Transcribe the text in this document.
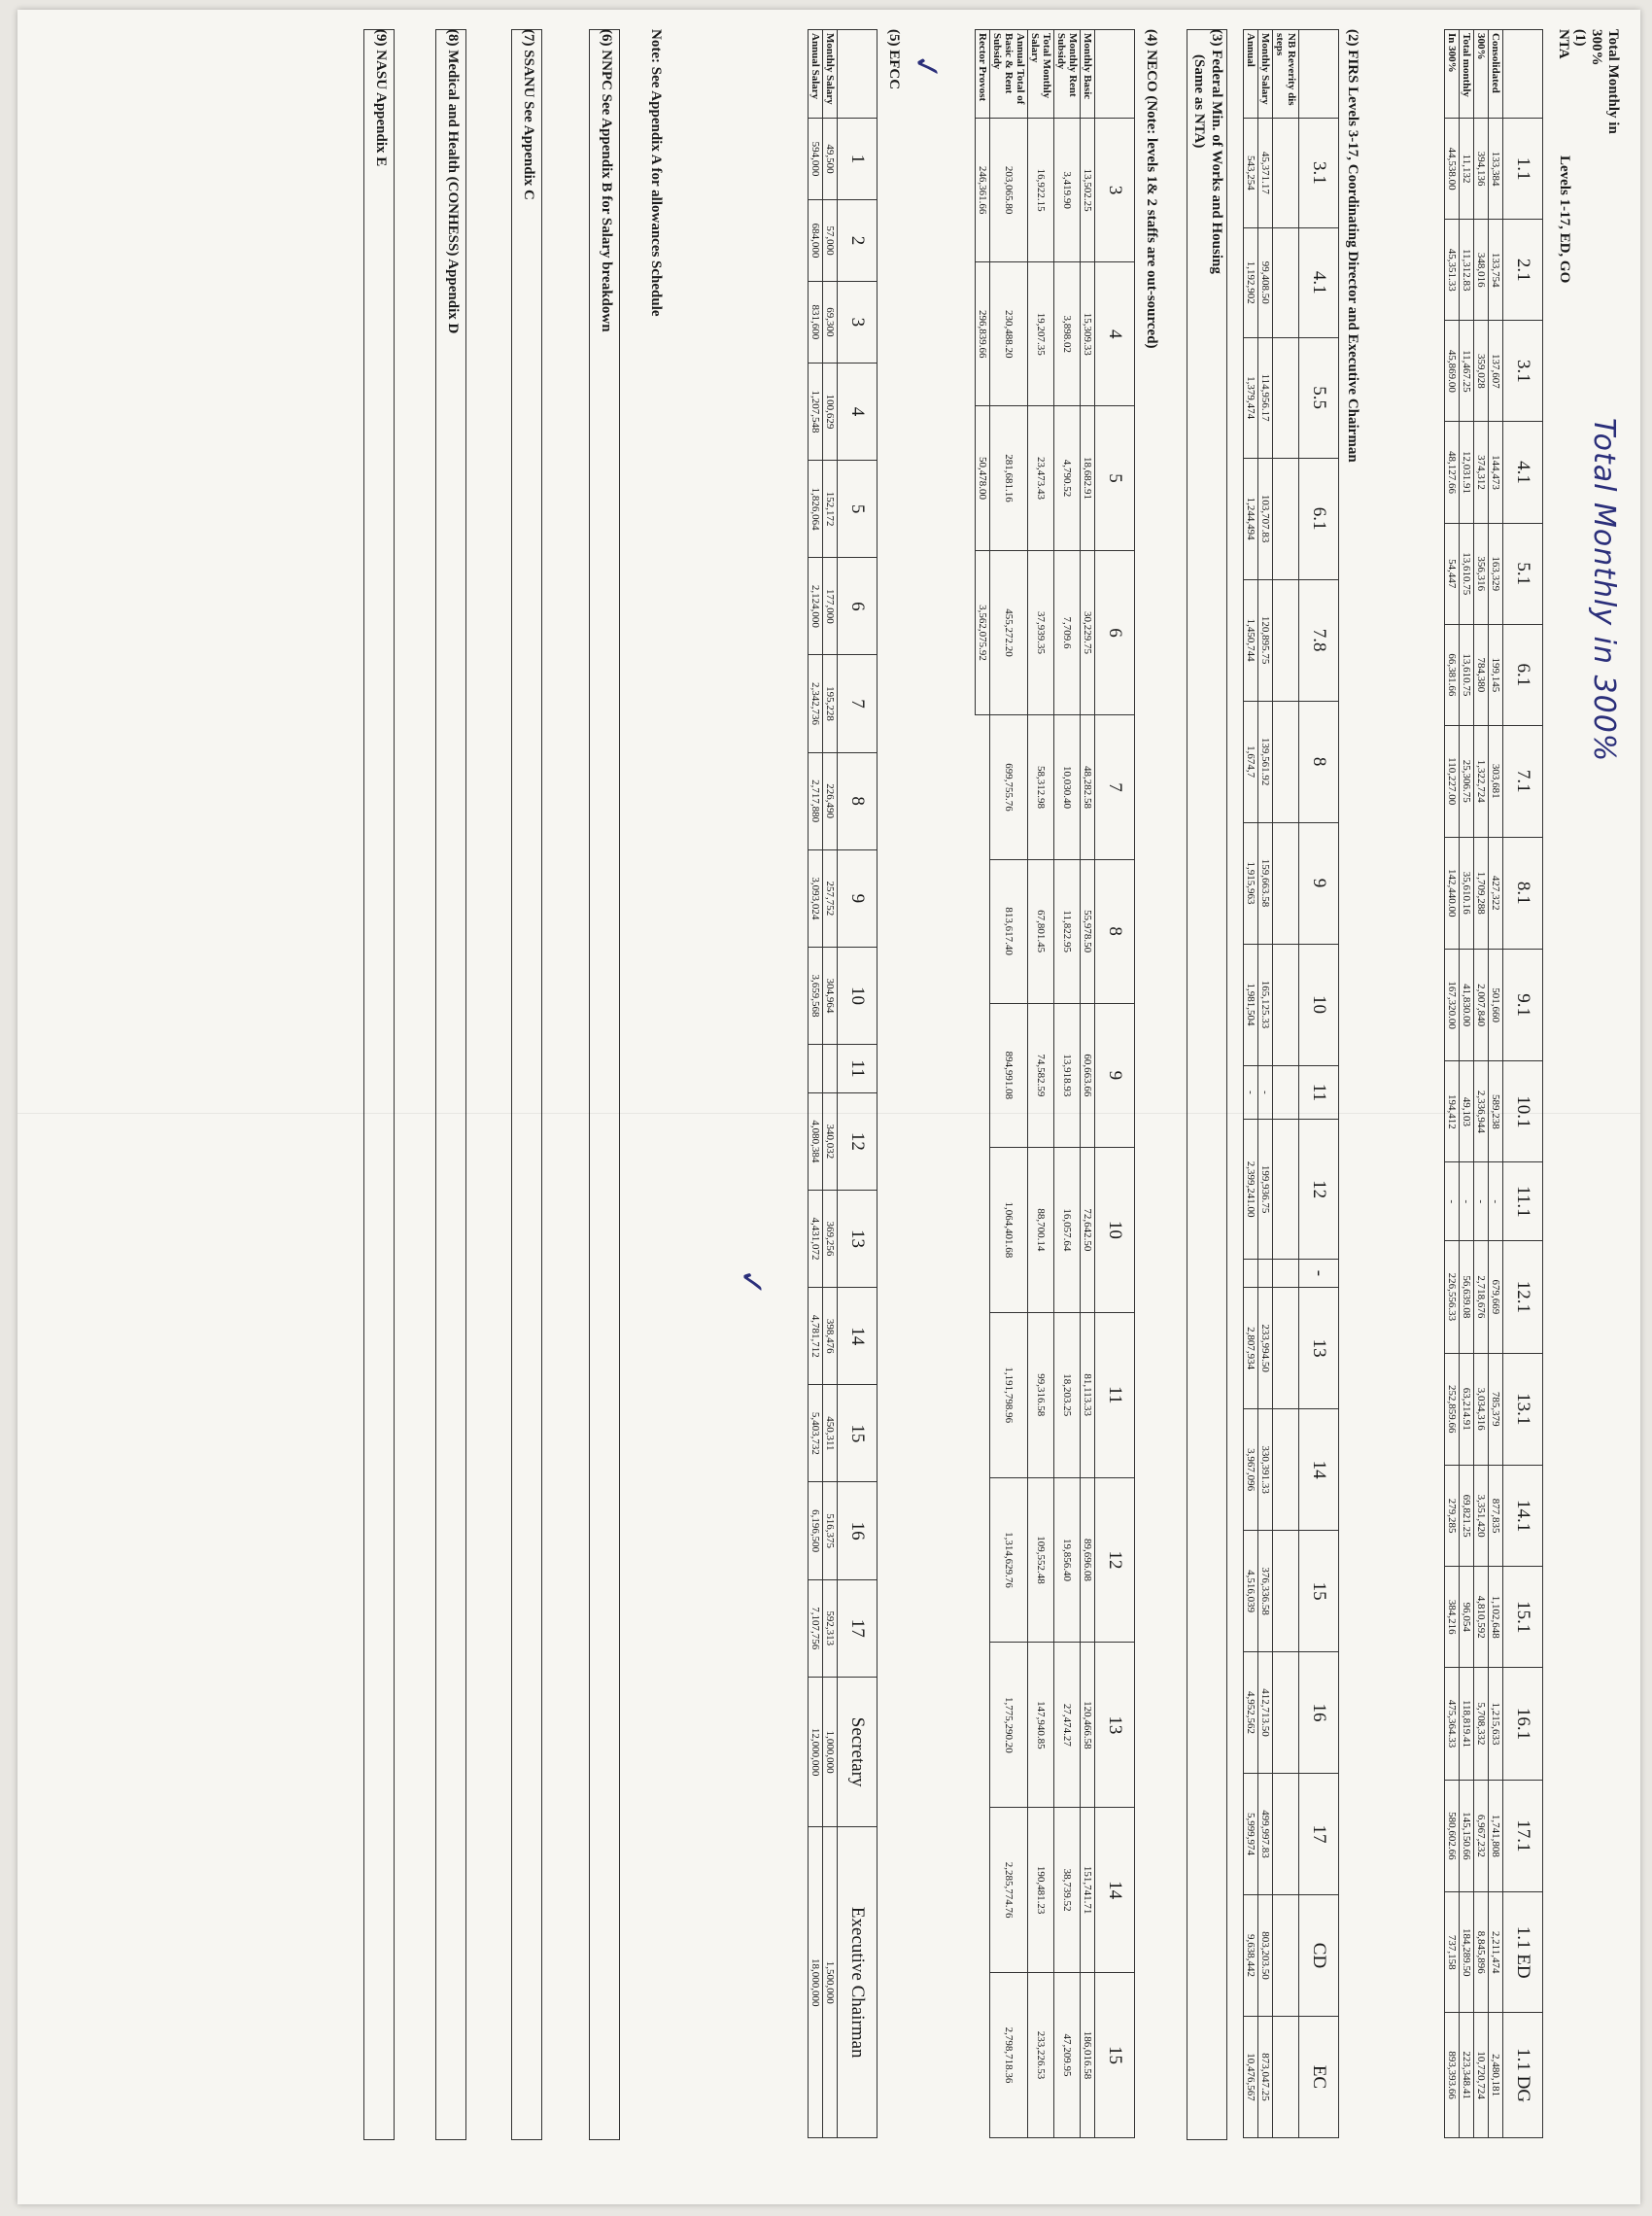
Total Monthly in 300%
Total Monthly in
300%
(1)
NTA
Levels 1-17, ED, GO
	1.1	2.1	3.1	4.1	5.1	6.1	7.1	8.1	9.1	10.1	11.1	12.1	13.1	14.1	15.1	16.1	17.1	1.1 ED	1.1 DG
Consolidated	133,384	133,754	137,607	144,473	163,329	199,145	303,681	427,322	501,660	589,238	-	679,669	785,379	877,835	1,102,648	1,215,633	1,741,808	2,211,474	2,480,181
300%	394,136	348,016	359,028	374,312	356,316	784,380	1,322,724	1,709,288	2,007,840	2,336,944	-	2,718,676	3,034,316	3,351,420	4,810,592	5,708,332	6,967,232	8,845,896	10,720,724
Total monthly	11,132	11,312.83	11,467.25	12,031.91	13,610.75	13,610.75	25,306.75	35,610.16	41,830.00	49,103	-	56,639.08	63,214.91	69,821.25	96,054	118,819.41	145,150.66	184,289.50	223,348.41
In 300%	44,538.00	45,351.33	45,869.00	48,127.66	54,447	66,381.66	110,227.00	142,440.00	167,320.00	194,412	-	226,556.33	252,859.66	279,285	384,216	475,364.33	580,602.66	737,158	893,393.66
(2) FIRS Levels 3-17, Coordinating Director and Executive Chairman
	3.1	4.1	5.5	6.1	7.8	8	9	10	11	12	-	13	14	15	16	17	CD	EC
NB Reverity dis steps																		
Monthly Salary	45,371.17	99,408.50	114,956.17	103,707.83	120,895.75	139,561.92	159,663.58	165,125.33	-	199,936.75		233,994.50	330,391.33	376,336.58	412,713.50	499,997.83	803,203.50	873,047.25
Annual	543,254	1,192,902	1,379,474	1,244,494	1,450,744	1,674,7	1,915,963	1,981,504	-	2,399,241.00		2,807,934	3,967,096	4,516,039	4,952,562	5,999,974	9,638,442	10,476,567
(3) Federal Min. of Works and Housing
(Same as NTA)
(4) NECO (Note: levels 1& 2 staffs are out-sourced)
	3	4	5	6	7	8	9	10	11	12	13	14	15
Monthly Basic	13,502.25	15,309.33	18,682.91	30,229.75	48,282.58	55,978.50	60,663.66	72,642.50	81,113.33	89,696.08	120,466.58	151,741.71	186,016.58
Monthly Rent Subsidy	3,419.90	3,898.02	4,790.52	7,709.6	10,030.40	11,822.95	13,918.93	16,057.64	18,203.25	19,856.40	27,474.27	38,739.52	47,209.95
Total Monthly Salary	16,922.15	19,207.35	23,473.43	37,939.35	58,312.98	67,801.45	74,582.59	88,700.14	99,316.58	109,552.48	147,940.85	190,481.23	233,226.53
Annual Total of Basic & Rent Subsidy	203,065.80	230,488.20	281,681.16	455,272.20	699,755.76	813,617.40	894,991.08	1,064,401.68	1,191,798.96	1,314,629.76	1,775,290.20	2,285,774.76	2,798,718.36
Rector Provost	246,361.66	296,839.66	50,478.00	3,562,075.92									
(5) EFCC ✓
	1	2	3	4	5	6	7	8	9	10	11	12	13	14	15	16	17	Secretary	Executive Chairman
Monthly Salary	49,500	57,000	69,300	100,629	152,172	177,000	195,228	226,490	257,752	304,964		340,032	369,256	398,476	450,311	516,375	592,313	1,000,000	1,500,000
Annual Salary	594,000	684,000	831,600	1,207,548	1,826,064	2,124,000	2,342,736	2,717,880	3,093,024	3,659,568		4,080,384	4,431,072	4,781,712	5,403,732	6,196,500	7,107,756	12,000,000	18,000,000
✓
Note: See Appendix A for allowances Schedule
(6) NNPC See Appendix B for Salary breakdown
(7) SSANU See Appendix C
(8) Medical and Health (CONHESS) Appendix D
(9) NASU Appendix E
